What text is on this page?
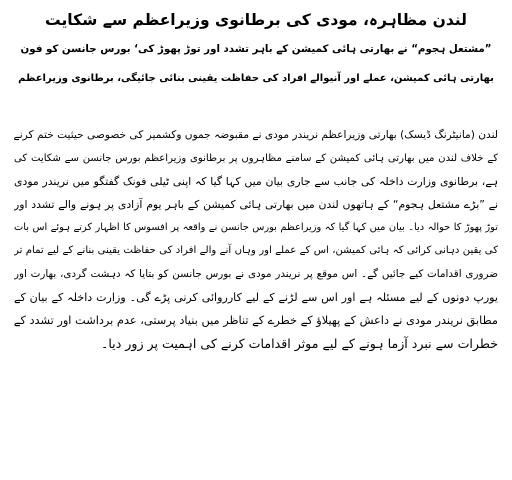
لندن مظاہرہ، مودی کی برطانوی وزیراعظم سے شکایت
”مشتعل ہجوم“ نے بھارتی ہائی کمیشن کے باہر تشدد اور توڑ پھوڑ کی‘ بورس جانسن کو فون
بھارتی ہائی کمیشن، عملے اور آنیوالے افراد کی حفاظت یقینی بنائی جائیگی، برطانوی وزیراعظم
لندن (مانیٹرنگ ڈیسک) بھارتی وزیراعظم نریندر مودی نے مقبوضہ جموں وکشمیر کی خصوصی حیثیت ختم کرنے
کے خلاف لندن میں بھارتی ہائی کمیشن کے سامنے مظاہروں پر برطانوی وزیراعظم بورس جانسن سے شکایت کی
ہے، برطانوی وزارت داخلہ کی جانب سے جاری بیان میں کہا گیا کہ اپنی ٹیلی فونک گفتگو میں نریندر مودی
نے ”بڑے مشتعل ہجوم“ کے ہاتھوں لندن میں بھارتی ہائی کمیشن کے باہر یوم آزادی پر ہونے والے تشدد اور
توڑ پھوڑ کا حوالہ دیا۔ بیان میں کہا گیا کہ وزیراعظم بورس جانسن نے واقعہ پر افسوس کا اظہار کرتے ہوئے اس بات
کی یقین دہانی کرائی کہ ہائی کمیشن، اس کے عملے اور وہاں آنے والے افراد کی حفاظت یقینی بنانے کے لیے تمام تر
ضروری اقدامات کیے جائیں گے۔ اس موقع پر نریندر مودی نے بورس جانسن کو بتایا کہ دہشت گردی، بھارت اور
یورپ دونوں کے لیے مسئلہ ہے اور اس سے لڑنے کے لیے کارروائی کرنی پڑے گی۔ وزارت داخلہ کے بیان کے
مطابق نریندر مودی نے داعش کے پھیلاؤ کے خطرے کے تناظر میں بنیاد پرستی، عدم برداشت اور تشدد کے
خطرات سے نبرد آزما ہونے کے لیے موثر اقدامات کرنے کی اہمیت پر زور دیا۔
